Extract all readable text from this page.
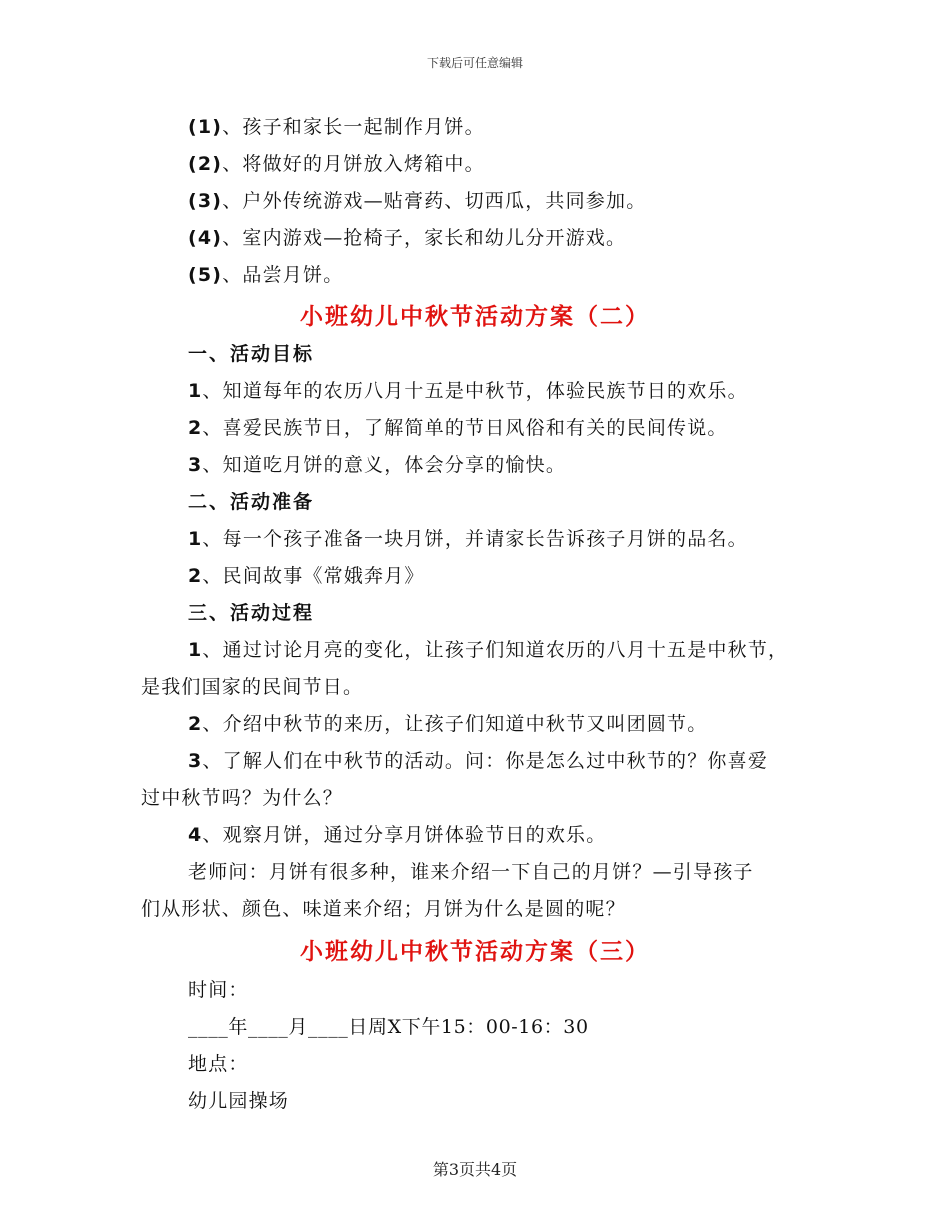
下载后可任意编辑
(1)、孩子和家长一起制作月饼。
(2)、将做好的月饼放入烤箱中。
(3)、户外传统游戏—贴膏药、切西瓜，共同参加。
(4)、室内游戏—抢椅子，家长和幼儿分开游戏。
(5)、品尝月饼。
小班幼儿中秋节活动方案（二）
一、活动目标
1、知道每年的农历八月十五是中秋节，体验民族节日的欢乐。
2、喜爱民族节日，了解简单的节日风俗和有关的民间传说。
3、知道吃月饼的意义，体会分享的愉快。
二、活动准备
1、每一个孩子准备一块月饼，并请家长告诉孩子月饼的品名。
2、民间故事《常娥奔月》
三、活动过程
1、通过讨论月亮的变化，让孩子们知道农历的八月十五是中秋节，
是我们国家的民间节日。
2、介绍中秋节的来历，让孩子们知道中秋节又叫团圆节。
3、了解人们在中秋节的活动。问：你是怎么过中秋节的？你喜爱
过中秋节吗？为什么？
4、观察月饼，通过分享月饼体验节日的欢乐。
老师问：月饼有很多种，谁来介绍一下自己的月饼？—引导孩子
们从形状、颜色、味道来介绍；月饼为什么是圆的呢？
小班幼儿中秋节活动方案（三）
时间：
____年____月____日周X下午15：00-16：30
地点：
幼儿园操场
第3页共4页
